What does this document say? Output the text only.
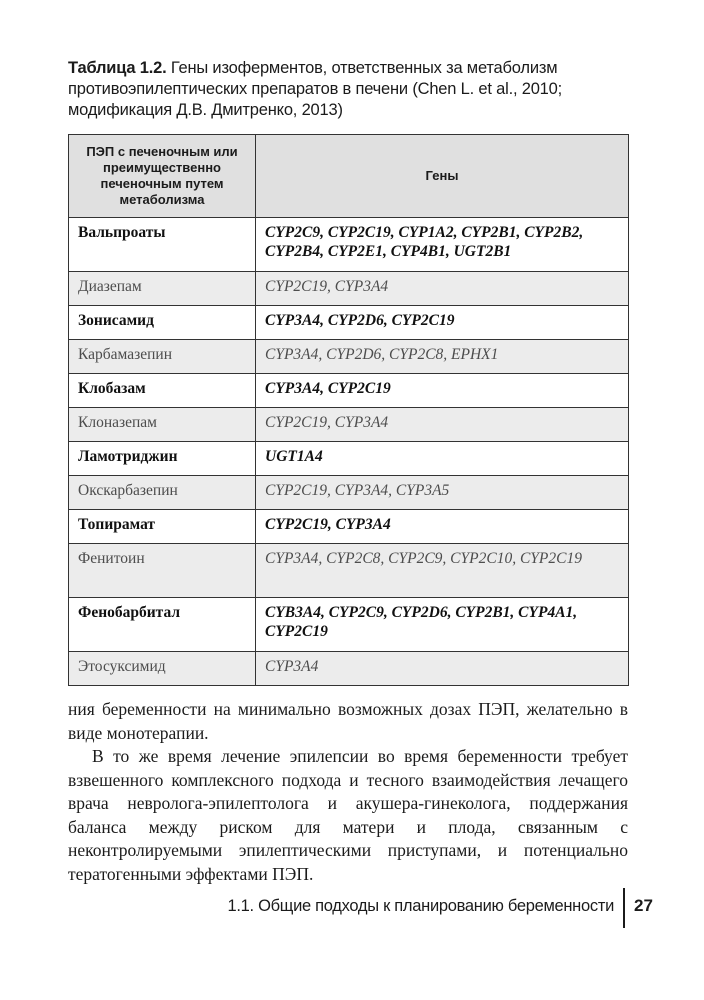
Таблица 1.2. Гены изоферментов, ответственных за метаболизм противоэпилептических препаратов в печени (Chen L. et al., 2010; модификация Д.В. Дмитренко, 2013)
ПЭП с печеночным или преимущественно печеночным путем метаболизма	Гены
Вальпроаты	CYP2C9, CYP2C19, CYP1A2, CYP2B1, CYP2B2, CYP2B4, CYP2E1, CYP4B1, UGT2B1
Диазепам	CYP2C19, CYP3A4
Зонисамид	CYP3A4, CYP2D6, CYP2C19
Карбамазепин	CYP3A4, CYP2D6, CYP2C8, EPHX1
Клобазам	CYP3A4, CYP2C19
Клоназепам	CYP2C19, CYP3A4
Ламотриджин	UGT1A4
Окскарбазепин	CYP2C19, CYP3A4, CYP3A5
Топирамат	CYP2C19, CYP3A4
Фенитоин	CYP3A4, CYP2C8, CYP2C9, CYP2C10, CYP2C19
Фенобарбитал	CYB3A4, CYP2C9, CYP2D6, CYP2B1, CYP4A1, CYP2C19
Этосуксимид	CYP3A4

ния беременности на минимально возможных дозах ПЭП, желательно в виде монотерапии.

В то же время лечение эпилепсии во время беременности требует взвешенного комплексного подхода и тесного взаимодействия лечащего врача невролога-эпилептолога и акушера-гинеколога, поддержания баланса между риском для матери и плода, связанным с неконтролируемыми эпилептическими приступами, и потенциально тератогенными эффектами ПЭП.

1.1. Общие подходы к планированию беременности 27
